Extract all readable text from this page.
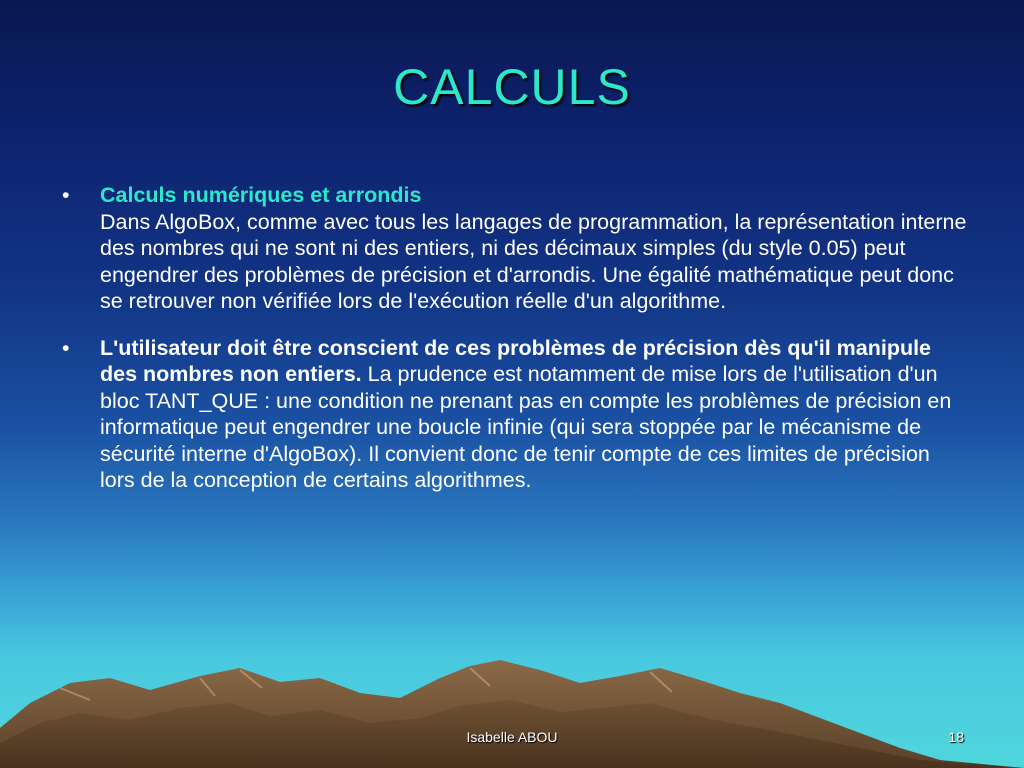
CALCULS
•	Calculs numériques et arrondis
Dans AlgoBox, comme avec tous les langages de programmation, la représentation interne des nombres qui ne sont ni des entiers, ni des décimaux simples (du style 0.05) peut engendrer des problèmes de précision et d'arrondis. Une égalité mathématique peut donc se retrouver non vérifiée lors de l'exécution réelle d'un algorithme.
•	L'utilisateur doit être conscient de ces problèmes de précision dès qu'il manipule des nombres non entiers. La prudence est notamment de mise lors de l'utilisation d'un bloc TANT_QUE : une condition ne prenant pas en compte les problèmes de précision en informatique peut engendrer une boucle infinie (qui sera stoppée par le mécanisme de sécurité interne d'AlgoBox). Il convient donc de tenir compte de ces limites de précision lors de la conception de certains algorithmes.
Isabelle ABOU	18
